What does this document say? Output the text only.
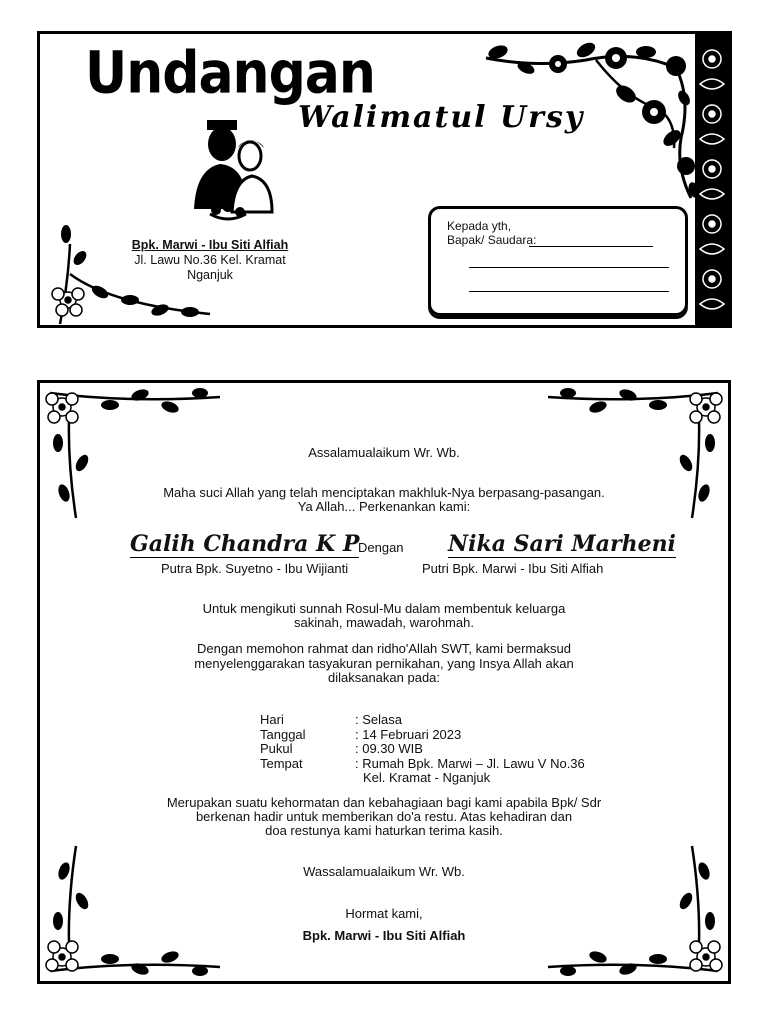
Undangan
Walimatul Ursy
Bpk. Marwi - Ibu Siti Alfiah
Jl. Lawu No.36 Kel. Kramat
Nganjuk
Kepada yth,
Bapak/ Saudara:
Assalamualaikum Wr. Wb.
Maha suci Allah yang telah menciptakan makhluk-Nya berpasang-pasangan.
Ya Allah... Perkenankan kami:
Galih Chandra K P
Dengan Nika Sari Marheni
Putra Bpk. Suyetno - Ibu Wijianti	Putri Bpk. Marwi - Ibu Siti Alfiah
Untuk mengikuti sunnah Rosul-Mu dalam membentuk keluarga
sakinah, mawadah, warohmah.
Dengan memohon rahmat dan ridho'Allah SWT, kami bermaksud
menyelenggarakan tasyakuran pernikahan, yang Insya Allah akan
dilaksanakan pada:
Hari	: Selasa
Tanggal	: 14 Februari 2023
Pukul	: 09.30 WIB
Tempat	: Rumah Bpk. Marwi – Jl. Lawu V No.36
Kel. Kramat - Nganjuk
Merupakan suatu kehormatan dan kebahagiaan bagi kami apabila Bpk/ Sdr
berkenan hadir untuk memberikan do'a restu. Atas kehadiran dan
doa restunya kami haturkan terima kasih.
Wassalamualaikum Wr. Wb.
Hormat kami,
Bpk. Marwi - Ibu Siti Alfiah
